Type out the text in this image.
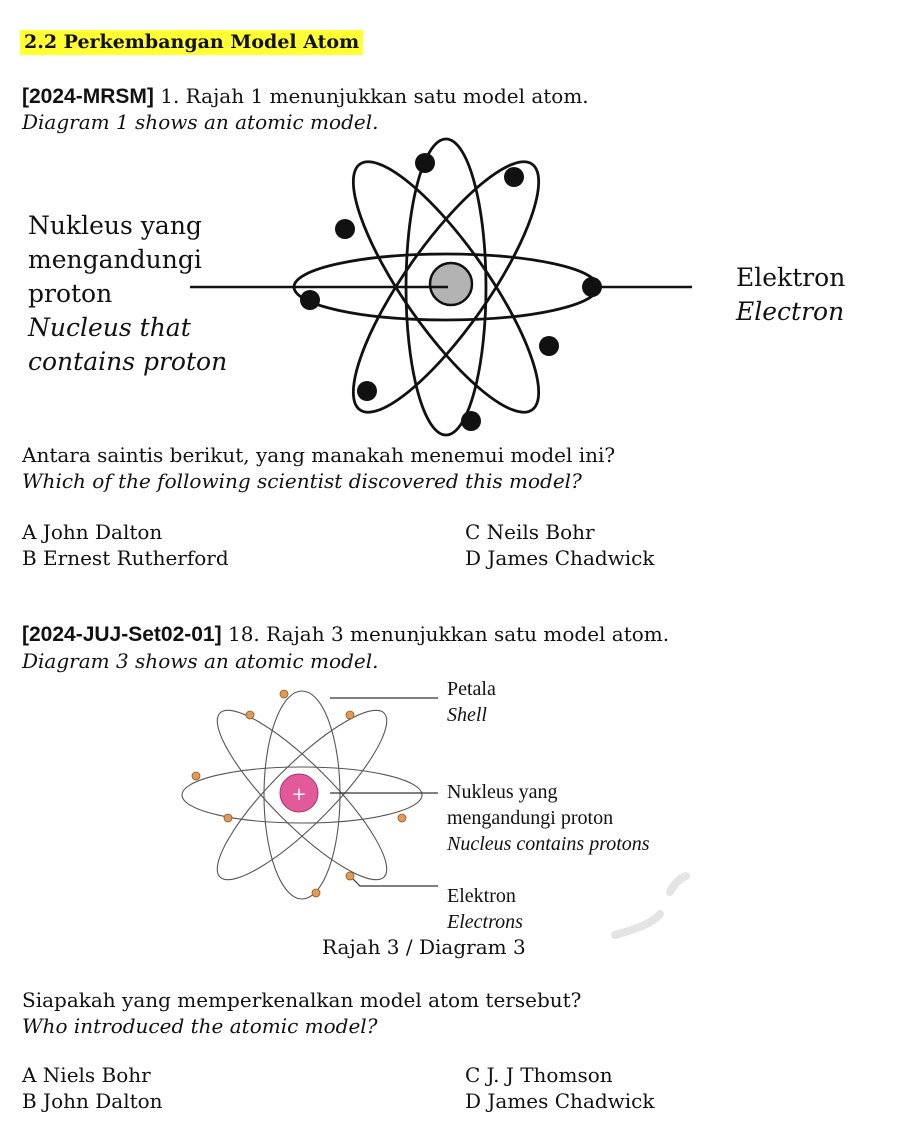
2.2 Perkembangan Model Atom
[2024-MRSM] 1. Rajah 1 menunjukkan satu model atom.
Diagram 1 shows an atomic model.
Nukleus yang
mengandungi
proton
Nucleus that
contains proton
Elektron
Electron
Antara saintis berikut, yang manakah menemui model ini?
Which of the following scientist discovered this model?
A John Dalton	C Neils Bohr
B Ernest Rutherford	D James Chadwick
[2024-JUJ-Set02-01] 18. Rajah 3 menunjukkan satu model atom.
Diagram 3 shows an atomic model.
+
Petala
Shell
Nukleus yang
mengandungi proton
Nucleus contains protons
Elektron
Electrons
Rajah 3 / Diagram 3
Siapakah yang memperkenalkan model atom tersebut?
Who introduced the atomic model?
A Niels Bohr	C J. J Thomson
B John Dalton	D James Chadwick
